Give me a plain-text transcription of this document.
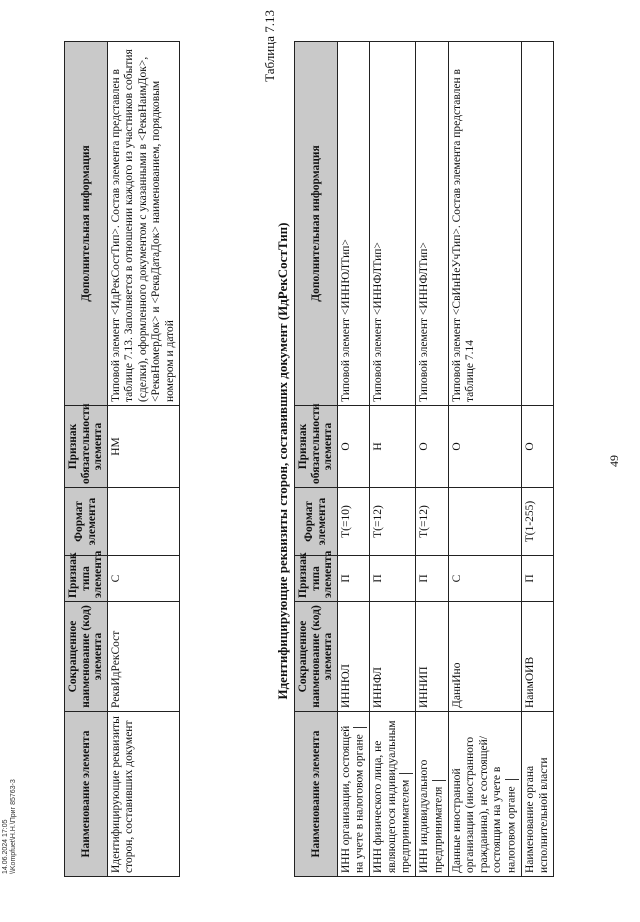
14.06.2024 17:05 \\Kompfuet\Н.Н.\Приг 85763-3	Наименование элемента	Сокращенное наименование (код) элемента	Признак типа элемента	Формат элемента	Признак обязательности элемента	Дополнительная информация
Идентифицирующие реквизиты сторон, составивших документ	РеквИдРекСост	С		НМ	Типовой элемент <ИдРекСостТип>. Состав элемента представлен в таблице 7.13. Заполняется в отношении каждого из участников события (сделки), оформленного документом с указанными в <РеквНаимДок>, <РеквНомерДок> и <РеквДатаДок> наименованием, порядковым номером и датой
Таблица 7.13
Идентифицирующие реквизиты сторон, составивших документ (ИдРекСостТип)
Наименование элемента	Сокращенное наименование (код) элемента	Признак типа элемента	Формат элемента	Признак обязательности элемента	Дополнительная информация
ИНН организации, состоящей на учете в налоговом органе	ИННЮЛ	П	T(=10)	О	Типовой элемент <ИННЮЛТип>
ИНН физического лица, не являющегося индивидуальным предпринимателем	ИННФЛ	П	T(=12)	Н	Типовой элемент <ИННФЛТип>
ИНН индивидуального предпринимателя	ИННИП	П	T(=12)	О	Типовой элемент <ИННФЛТип>
Данные иностранной организации (иностранного гражданина), не состоящей/состоящим на учете в налоговом органе	ДаннИно	С		О	Типовой элемент <СвИнНеУчТип>. Состав элемента представлен в таблице 7.14
Наименование органа исполнительной власти	НаимОИВ	П	T(1-255)	О	
49
